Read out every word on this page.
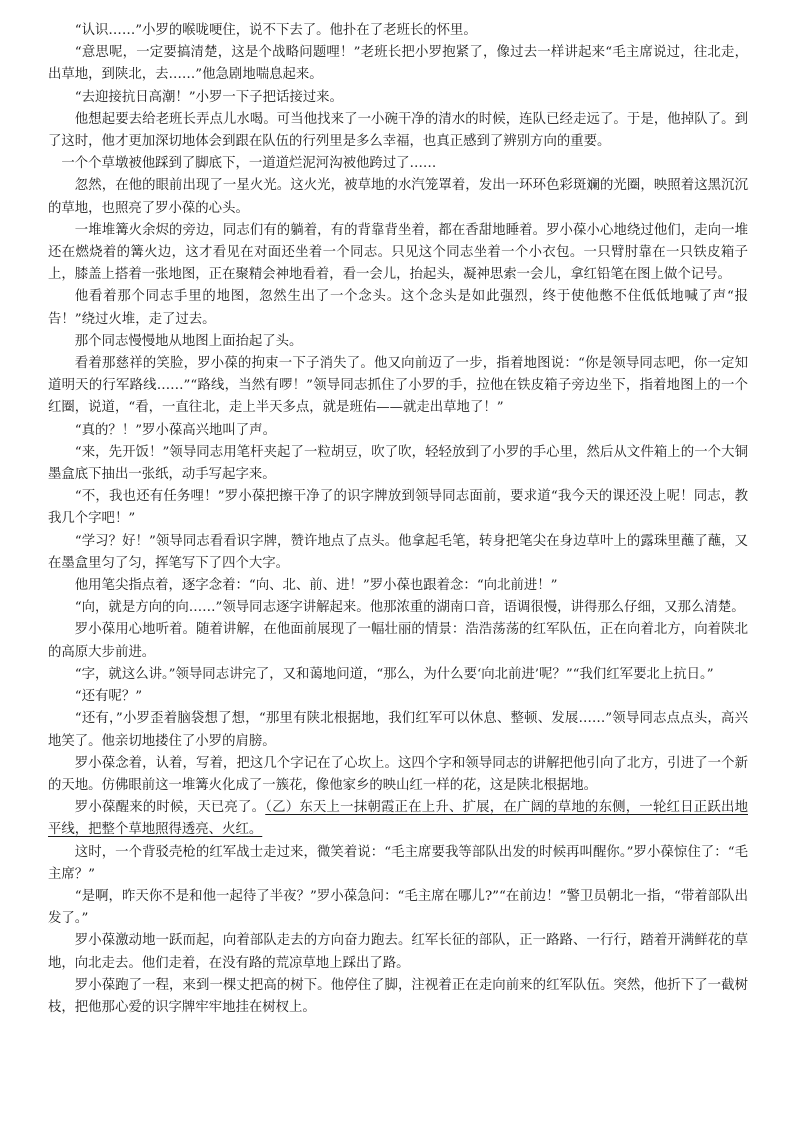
“认识……”小罗的喉咙哽住，说不下去了。他扑在了老班长的怀里。

“意思呢，一定要搞清楚，这是个战略问题哩！”老班长把小罗抱紧了，像过去一样讲起来“毛主席说过，往北走，出草地，到陕北，去……”他急剧地喘息起来。

“去迎接抗日高潮！”小罗一下子把话接过来。

他想起要去给老班长弄点儿水喝。可当他找来了一小碗干净的清水的时候，连队已经走远了。于是，他掉队了。到了这时，他才更加深切地体会到跟在队伍的行列里是多么幸福，也真正感到了辨别方向的重要。

一个个草墩被他踩到了脚底下，一道道烂泥河沟被他跨过了……

忽然，在他的眼前出现了一星火光。这火光，被草地的水汽笼罩着，发出一环环色彩斑斓的光圈，映照着这黑沉沉的草地，也照亮了罗小葆的心头。

一堆堆篝火余烬的旁边，同志们有的躺着，有的背靠背坐着，都在香甜地睡着。罗小葆小心地绕过他们，走向一堆还在燃烧着的篝火边，这才看见在对面还坐着一个同志。只见这个同志坐着一个小衣包。一只臂肘靠在一只铁皮箱子上，膝盖上搭着一张地图，正在聚精会神地看着，看一会儿，抬起头，凝神思索一会儿，拿红铅笔在图上做个记号。

他看着那个同志手里的地图，忽然生出了一个念头。这个念头是如此强烈，终于使他憋不住低低地喊了声“报告！”绕过火堆，走了过去。

那个同志慢慢地从地图上面抬起了头。

看着那慈祥的笑脸，罗小葆的拘束一下子消失了。他又向前迈了一步，指着地图说：“你是领导同志吧，你一定知道明天的行军路线……”“路线，当然有啰！”领导同志抓住了小罗的手，拉他在铁皮箱子旁边坐下，指着地图上的一个红圈，说道，“看，一直往北，走上半天多点，就是班佑——就走出草地了！”

“真的？！”罗小葆高兴地叫了声。

“来，先开饭！”领导同志用笔杆夹起了一粒胡豆，吹了吹，轻轻放到了小罗的手心里，然后从文件箱上的一个大铜墨盒底下抽出一张纸，动手写起字来。

“不，我也还有任务哩！”罗小葆把擦干净了的识字牌放到领导同志面前，要求道“我今天的课还没上呢！同志，教我几个字吧！”

“学习？好！”领导同志看看识字牌，赞许地点了点头。他拿起毛笔，转身把笔尖在身边草叶上的露珠里蘸了蘸，又在墨盒里匀了匀，挥笔写下了四个大字。

他用笔尖指点着，逐字念着：“向、北、前、进！”罗小葆也跟着念：“向北前进！”

“向，就是方向的向……”领导同志逐字讲解起来。他那浓重的湖南口音，语调很慢，讲得那么仔细，又那么清楚。

罗小葆用心地听着。随着讲解，在他面前展现了一幅壮丽的情景：浩浩荡荡的红军队伍，正在向着北方，向着陕北的高原大步前进。

“字，就这么讲。”领导同志讲完了，又和蔼地问道，“那么，为什么要‘向北前进’呢？”“我们红军要北上抗日。”

“还有呢？”

“还有，”小罗歪着脑袋想了想，“那里有陕北根据地，我们红军可以休息、整顿、发展……”领导同志点点头，高兴地笑了。他亲切地搂住了小罗的肩膀。

罗小葆念着，认着，写着，把这几个字记在了心坎上。这四个字和领导同志的讲解把他引向了北方，引进了一个新的天地。仿佛眼前这一堆篝火化成了一簇花，像他家乡的映山红一样的花，这是陕北根据地。

罗小葆醒来的时候，天已亮了。（乙）东天上一抹朝霞正在上升、扩展，在广阔的草地的东侧，一轮红日正跃出地平线，把整个草地照得透亮、火红。

这时，一个背驳壳枪的红军战士走过来，微笑着说：“毛主席要我等部队出发的时候再叫醒你。”罗小葆惊住了：“毛主席？”

“是啊，昨天你不是和他一起待了半夜？”罗小葆急问：“毛主席在哪儿?”“在前边！”警卫员朝北一指，“带着部队出发了。”

罗小葆激动地一跃而起，向着部队走去的方向奋力跑去。红军长征的部队，正一路路、一行行，踏着开满鲜花的草地，向北走去。他们走着，在没有路的荒凉草地上踩出了路。

罗小葆跑了一程，来到一棵丈把高的树下。他停住了脚，注视着正在走向前来的红军队伍。突然，他折下了一截树枝，把他那心爱的识字牌牢牢地挂在树杈上。
